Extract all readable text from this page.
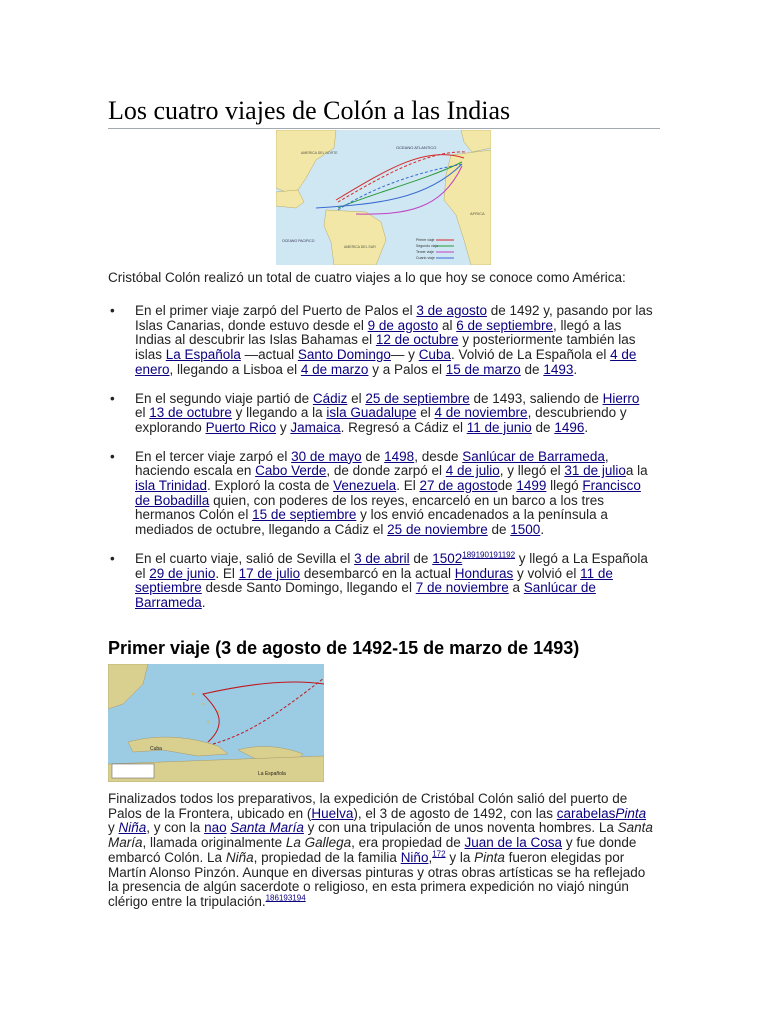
Los cuatro viajes de Colón a las Indias
OCEANO ATLANTICO
AMERICA DEL NORTE
AFRICA
OCEANO PACIFICO
AMERICA DEL SUR
Primer viaje
Segundo viaje
Tercer viaje
Cuarto viaje

Cristóbal Colón realizó un total de cuatro viajes a lo que hoy se conoce como América:

• En el primer viaje zarpó del Puerto de Palos el 3 de agosto de 1492 y, pasando por las Islas Canarias, donde estuvo desde el 9 de agosto al 6 de septiembre, llegó a las Indias al descubrir las Islas Bahamas el 12 de octubre y posteriormente también las islas La Española —actual Santo Domingo— y Cuba. Volvió de La Española el 4 de enero, llegando a Lisboa el 4 de marzo y a Palos el 15 de marzo de 1493.
• En el segundo viaje partió de Cádiz el 25 de septiembre de 1493, saliendo de Hierro el 13 de octubre y llegando a la isla Guadalupe el 4 de noviembre, descubriendo y explorando Puerto Rico y Jamaica. Regresó a Cádiz el 11 de junio de 1496.
• En el tercer viaje zarpó el 30 de mayo de 1498, desde Sanlúcar de Barrameda, haciendo escala en Cabo Verde, de donde zarpó el 4 de julio, y llegó el 31 de julioa la isla Trinidad. Exploró la costa de Venezuela. El 27 de agostode 1499 llegó Francisco de Bobadilla quien, con poderes de los reyes, encarceló en un barco a los tres hermanos Colón el 15 de septiembre y los envió encadenados a la península a mediados de octubre, llegando a Cádiz el 25 de noviembre de 1500.
• En el cuarto viaje, salió de Sevilla el 3 de abril de 1502$^{189190191192}$ y llegó a La Española el 29 de junio. El 17 de julio desembarcó en la actual Honduras y volvió el 11 de septiembre desde Santo Domingo, llegando el 7 de noviembre a Sanlúcar de Barrameda.
Primer viaje (3 de agosto de 1492-15 de marzo de 1493)
Cuba
La Española

Finalizados todos los preparativos, la expedición de Cristóbal Colón salió del puerto de Palos de la Frontera, ubicado en (Huelva), el 3 de agosto de 1492, con las carabelasPinta y Niña, y con la nao Santa María y con una tripulación de unos noventa hombres. La Santa María, llamada originalmente La Gallega, era propiedad de Juan de la Cosa y fue donde embarcó Colón. La Niña, propiedad de la familia Niño,$^{172}$ y la Pinta fueron elegidas por Martín Alonso Pinzón. Aunque en diversas pinturas y otras obras artísticas se ha reflejado la presencia de algún sacerdote o religioso, en esta primera expedición no viajó ningún clérigo entre la tripulación.$^{186193194}$
